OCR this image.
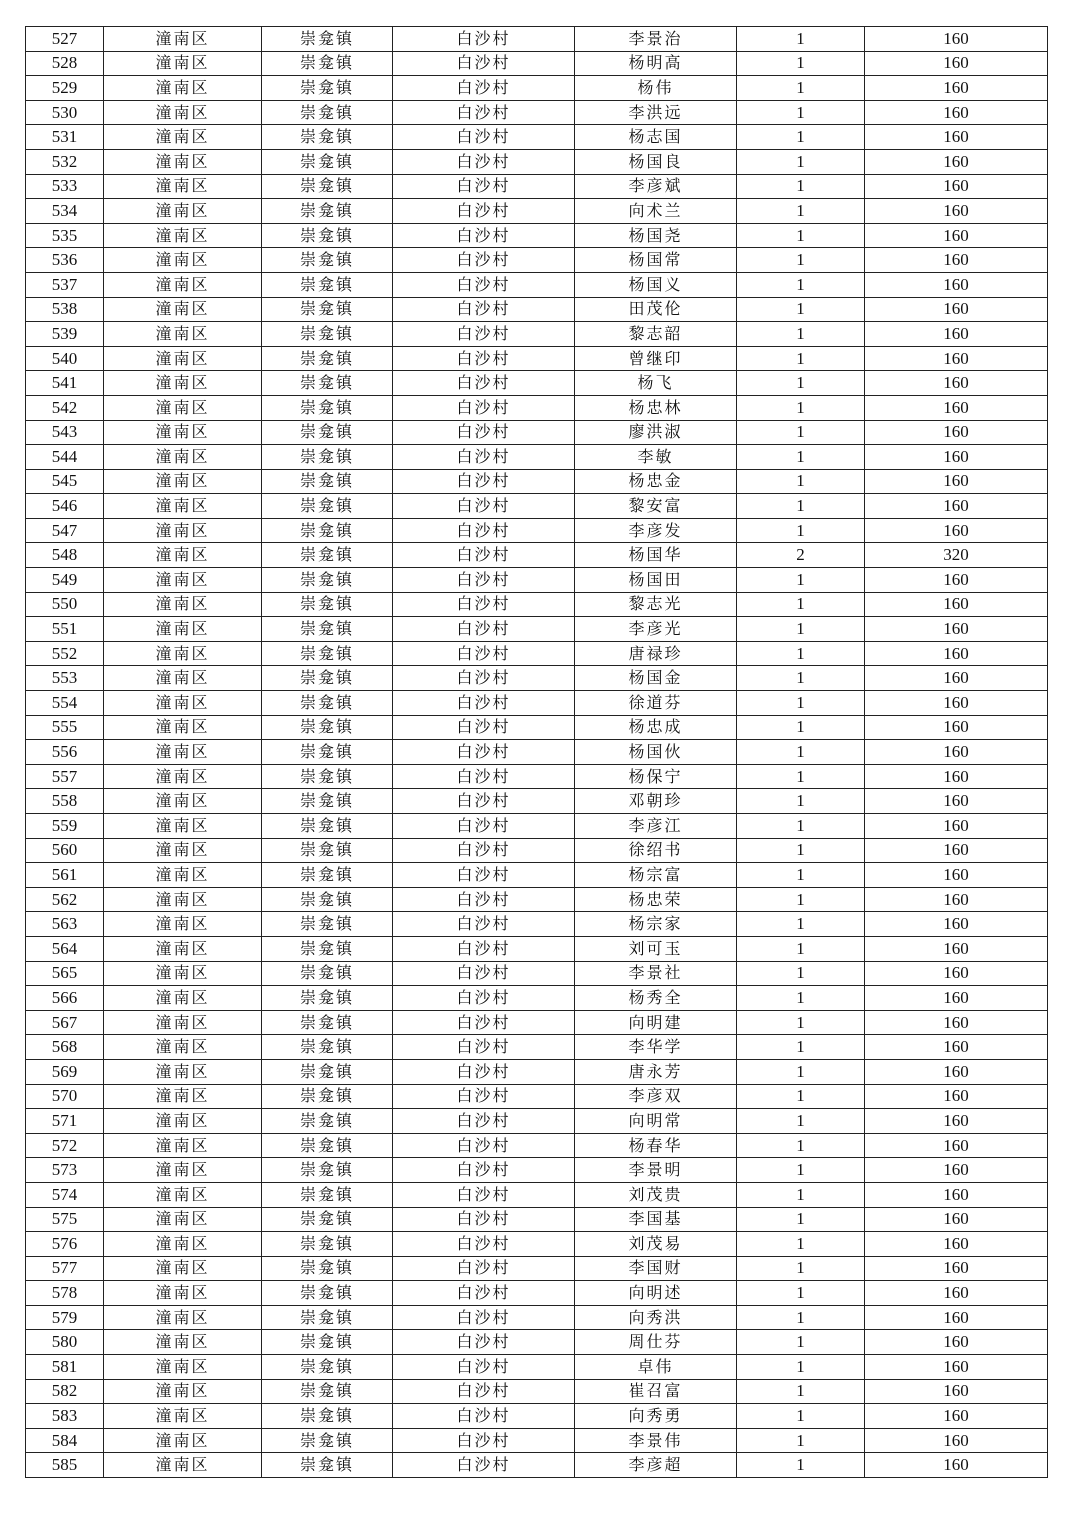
527	潼南区	崇龛镇	白沙村	李景治	1	160
528	潼南区	崇龛镇	白沙村	杨明高	1	160
529	潼南区	崇龛镇	白沙村	杨伟	1	160
530	潼南区	崇龛镇	白沙村	李洪远	1	160
531	潼南区	崇龛镇	白沙村	杨志国	1	160
532	潼南区	崇龛镇	白沙村	杨国良	1	160
533	潼南区	崇龛镇	白沙村	李彦斌	1	160
534	潼南区	崇龛镇	白沙村	向术兰	1	160
535	潼南区	崇龛镇	白沙村	杨国尧	1	160
536	潼南区	崇龛镇	白沙村	杨国常	1	160
537	潼南区	崇龛镇	白沙村	杨国义	1	160
538	潼南区	崇龛镇	白沙村	田茂伦	1	160
539	潼南区	崇龛镇	白沙村	黎志韶	1	160
540	潼南区	崇龛镇	白沙村	曾继印	1	160
541	潼南区	崇龛镇	白沙村	杨飞	1	160
542	潼南区	崇龛镇	白沙村	杨忠林	1	160
543	潼南区	崇龛镇	白沙村	廖洪淑	1	160
544	潼南区	崇龛镇	白沙村	李敏	1	160
545	潼南区	崇龛镇	白沙村	杨忠金	1	160
546	潼南区	崇龛镇	白沙村	黎安富	1	160
547	潼南区	崇龛镇	白沙村	李彦发	1	160
548	潼南区	崇龛镇	白沙村	杨国华	2	320
549	潼南区	崇龛镇	白沙村	杨国田	1	160
550	潼南区	崇龛镇	白沙村	黎志光	1	160
551	潼南区	崇龛镇	白沙村	李彦光	1	160
552	潼南区	崇龛镇	白沙村	唐禄珍	1	160
553	潼南区	崇龛镇	白沙村	杨国金	1	160
554	潼南区	崇龛镇	白沙村	徐道芬	1	160
555	潼南区	崇龛镇	白沙村	杨忠成	1	160
556	潼南区	崇龛镇	白沙村	杨国伙	1	160
557	潼南区	崇龛镇	白沙村	杨保宁	1	160
558	潼南区	崇龛镇	白沙村	邓朝珍	1	160
559	潼南区	崇龛镇	白沙村	李彦江	1	160
560	潼南区	崇龛镇	白沙村	徐绍书	1	160
561	潼南区	崇龛镇	白沙村	杨宗富	1	160
562	潼南区	崇龛镇	白沙村	杨忠荣	1	160
563	潼南区	崇龛镇	白沙村	杨宗家	1	160
564	潼南区	崇龛镇	白沙村	刘可玉	1	160
565	潼南区	崇龛镇	白沙村	李景社	1	160
566	潼南区	崇龛镇	白沙村	杨秀全	1	160
567	潼南区	崇龛镇	白沙村	向明建	1	160
568	潼南区	崇龛镇	白沙村	李华学	1	160
569	潼南区	崇龛镇	白沙村	唐永芳	1	160
570	潼南区	崇龛镇	白沙村	李彦双	1	160
571	潼南区	崇龛镇	白沙村	向明常	1	160
572	潼南区	崇龛镇	白沙村	杨春华	1	160
573	潼南区	崇龛镇	白沙村	李景明	1	160
574	潼南区	崇龛镇	白沙村	刘茂贵	1	160
575	潼南区	崇龛镇	白沙村	李国基	1	160
576	潼南区	崇龛镇	白沙村	刘茂易	1	160
577	潼南区	崇龛镇	白沙村	李国财	1	160
578	潼南区	崇龛镇	白沙村	向明述	1	160
579	潼南区	崇龛镇	白沙村	向秀洪	1	160
580	潼南区	崇龛镇	白沙村	周仕芬	1	160
581	潼南区	崇龛镇	白沙村	卓伟	1	160
582	潼南区	崇龛镇	白沙村	崔召富	1	160
583	潼南区	崇龛镇	白沙村	向秀勇	1	160
584	潼南区	崇龛镇	白沙村	李景伟	1	160
585	潼南区	崇龛镇	白沙村	李彦超	1	160
